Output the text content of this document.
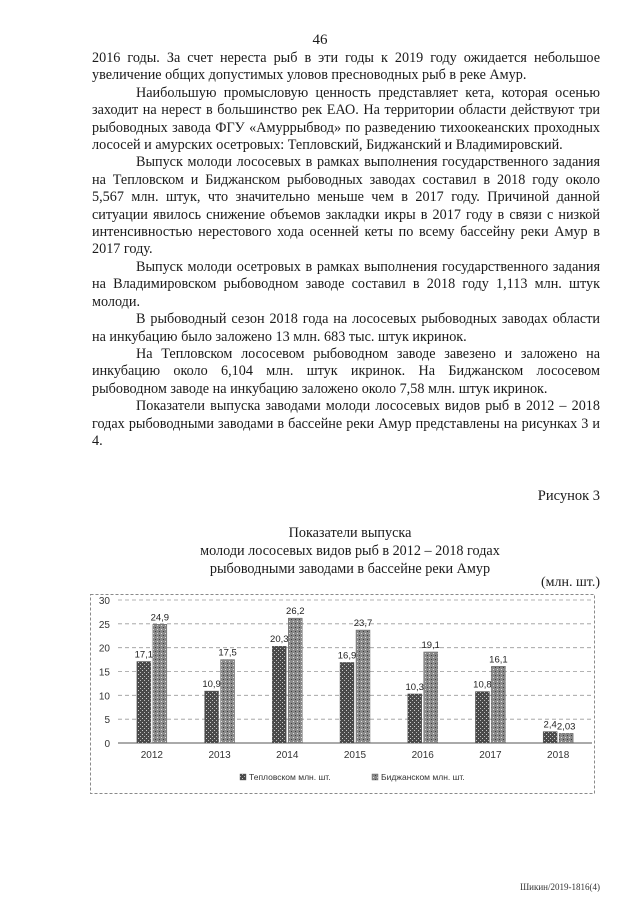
46

2016 годы. За счет нереста рыб в эти годы к 2019 году ожидается небольшое увеличение общих допустимых уловов пресноводных рыб в реке Амур.

Наибольшую промысловую ценность представляет кета, которая осенью заходит на нерест в большинство рек ЕАО. На территории области действуют три рыбоводных завода ФГУ «Амуррыбвод» по разведению тихоокеанских проходных лососей и амурских осетровых: Тепловский, Биджанский и Владимировский.

Выпуск молоди лососевых в рамках выполнения государственного задания на Тепловском и Биджанском рыбоводных заводах составил в 2018 году около 5,567 млн. штук, что значительно меньше чем в 2017 году. Причиной данной ситуации явилось снижение объемов закладки икры в 2017 году в связи с низкой интенсивностью нерестового хода осенней кеты по всему бассейну реки Амур в 2017 году.

Выпуск молоди осетровых в рамках выполнения государственного задания на Владимировском рыбоводном заводе составил в 2018 году 1,113 млн. штук молоди.

В рыбоводный сезон 2018 года на лососевых рыбоводных заводах области на инкубацию было заложено 13 млн. 683 тыс. штук икринок.

На Тепловском лососевом рыбоводном заводе завезено и заложено на инкубацию около 6,104 млн. штук икринок. На Биджанском лососевом рыбоводном заводе на инкубацию заложено около 7,58 млн. штук икринок.

Показатели выпуска заводами молоди лососевых видов рыб в 2012 – 2018 годах рыбоводными заводами в бассейне реки Амур представлены на рисунках 3 и 4.

Рисунок 3
Показатели выпуска
молоди лососевых видов рыб в 2012 – 2018 годах
рыбоводными заводами в бассейне реки Амур
(млн. шт.)
0
5
10
15
20
25
30
17,1
24,9
2012
10,9
17,5
2013
20,3
26,2
2014
16,9
23,7
2015
10,3
19,1
2016
10,8
16,1
2017
2,4 2,03
2018
Тепловском млн. шт.	Биджанском млн. шт.
Шикин/2019-1816(4)
